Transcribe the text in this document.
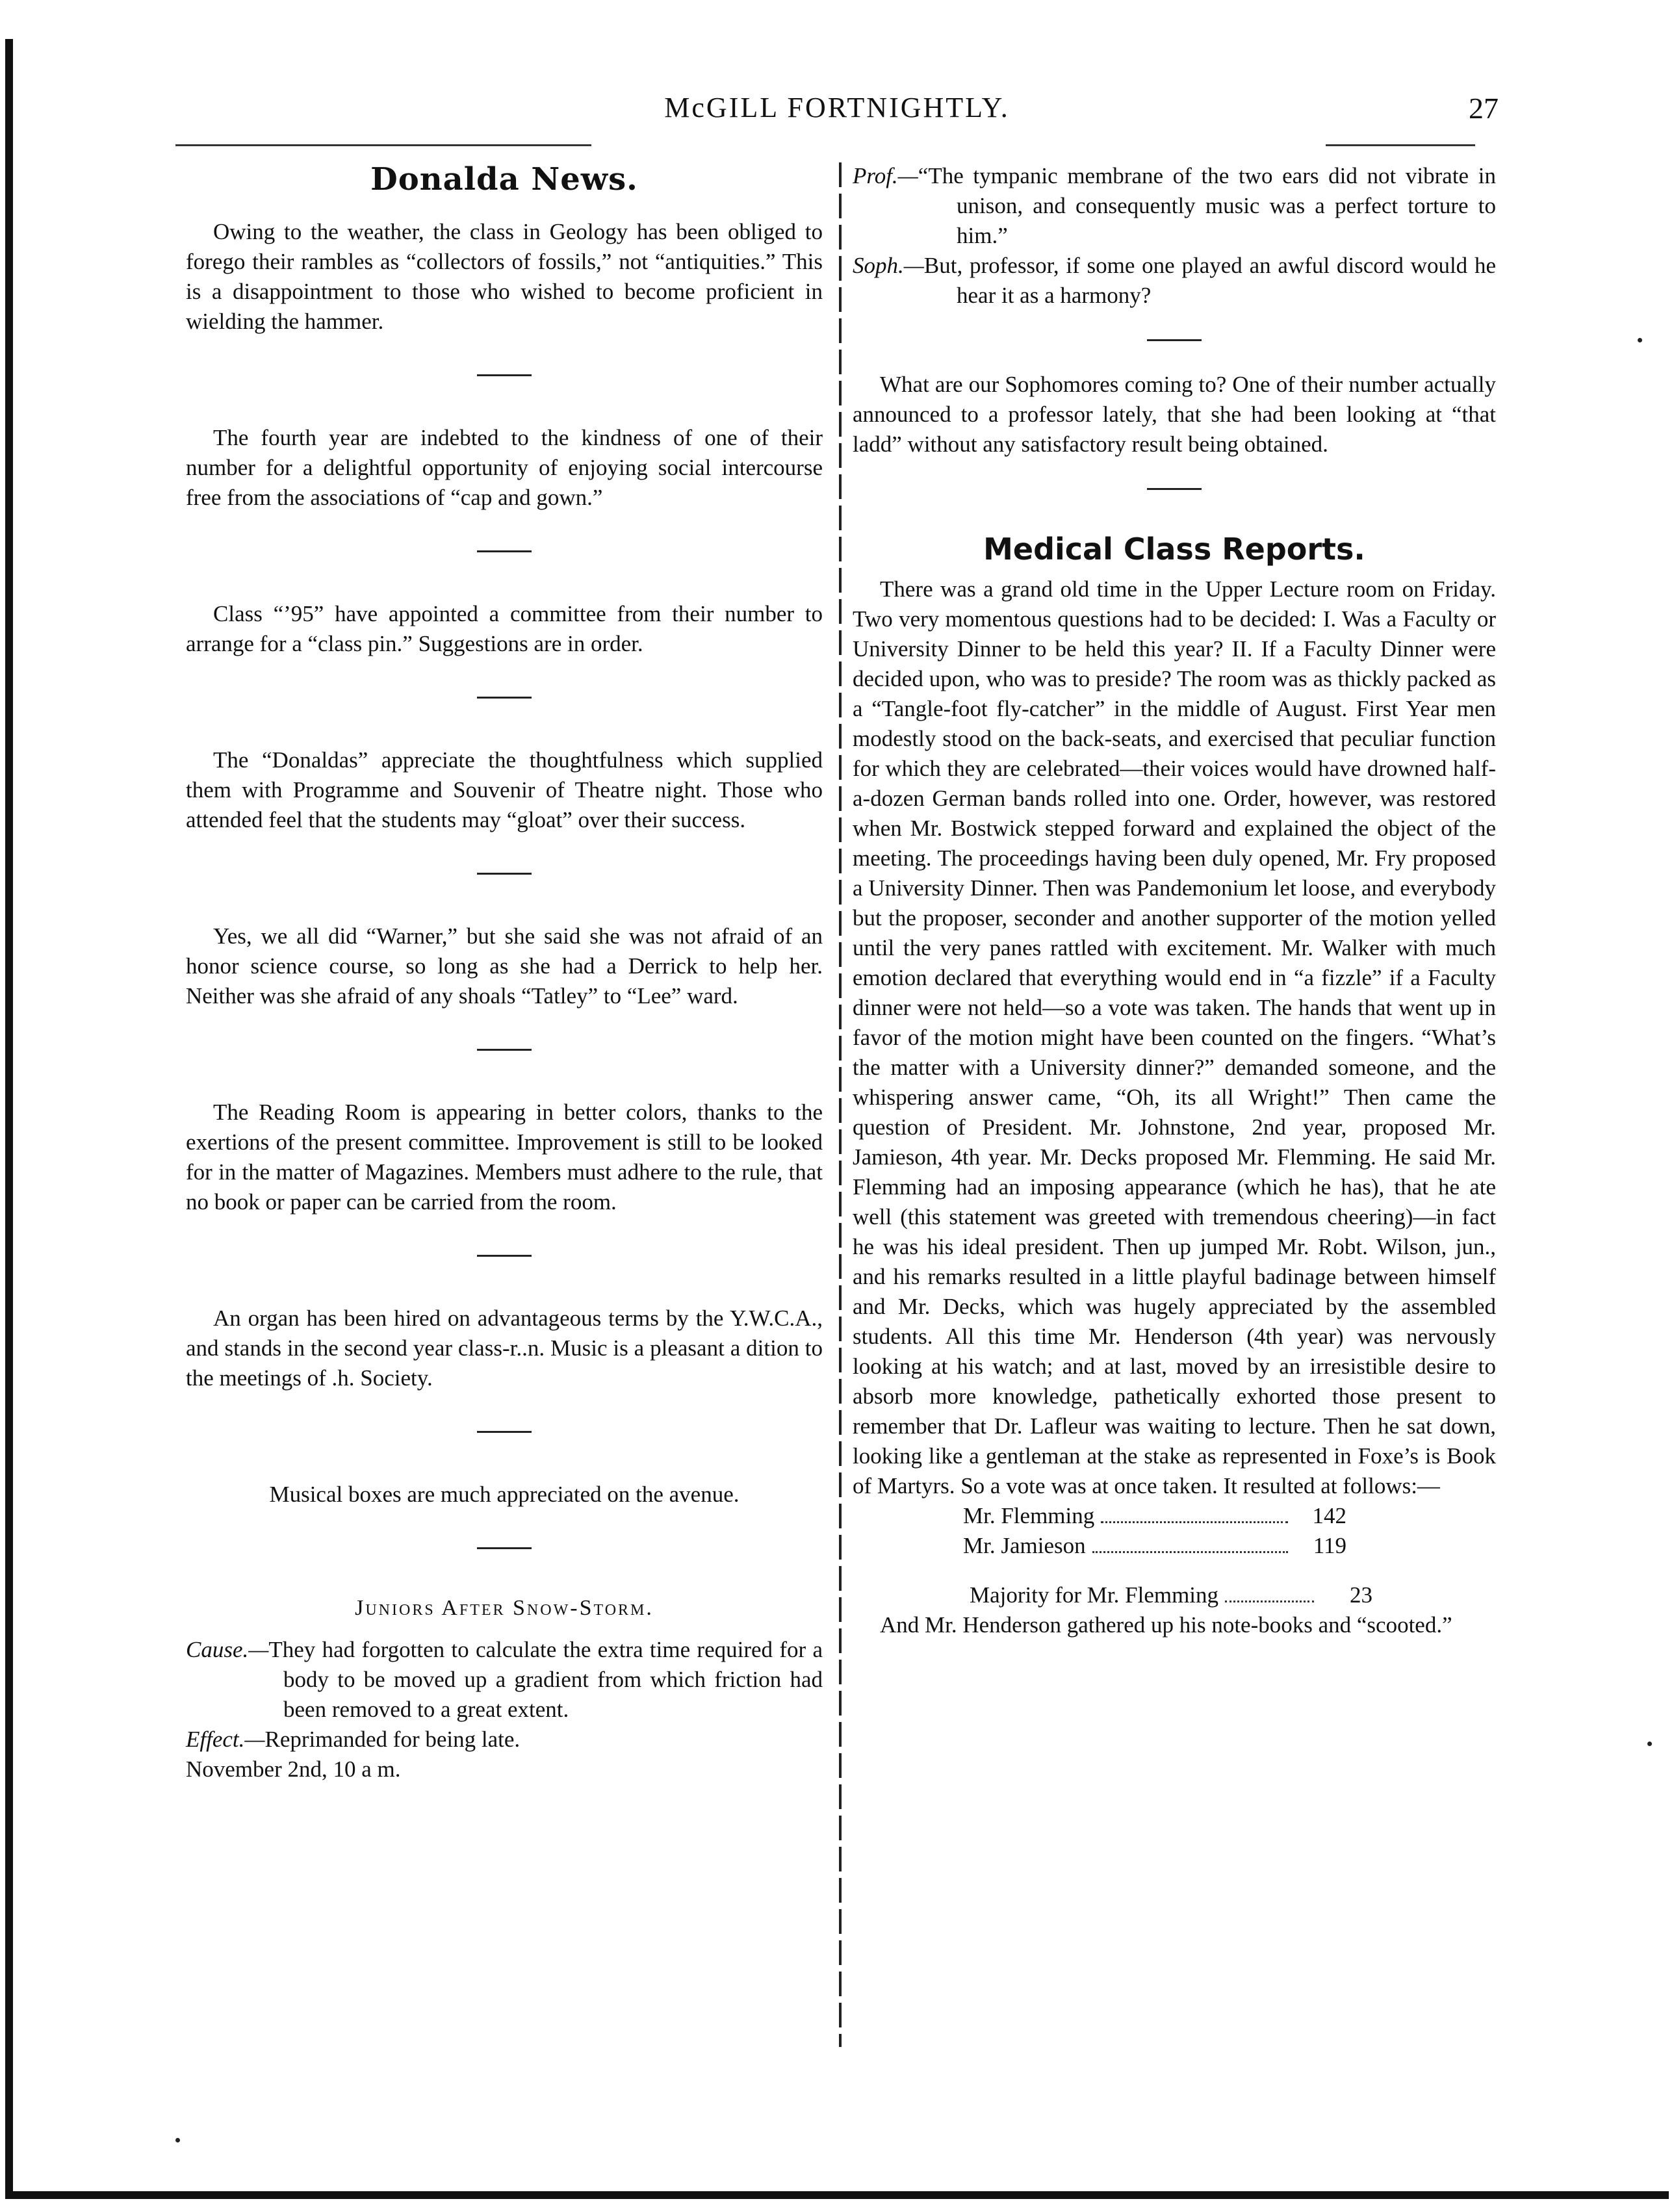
McGILL FORTNIGHTLY.	27
Donalda News.

Owing to the weather, the class in Geology has been obliged to forego their rambles as “collectors of fossils,” not “antiquities.” This is a disappointment to those who wished to become proficient in wielding the hammer.

The fourth year are indebted to the kindness of one of their number for a delightful opportunity of enjoying social intercourse free from the associations of “cap and gown.”

Class “’95” have appointed a committee from their number to arrange for a “class pin.” Suggestions are in order.

The “Donaldas” appreciate the thoughtfulness which supplied them with Programme and Souvenir of Theatre night. Those who attended feel that the students may “gloat” over their success.

Yes, we all did “Warner,” but she said she was not afraid of an honor science course, so long as she had a Derrick to help her. Neither was she afraid of any shoals “Tatley” to “Lee” ward.

The Reading Room is appearing in better colors, thanks to the exertions of the present committee. Improvement is still to be looked for in the matter of Magazines. Members must adhere to the rule, that no book or paper can be carried from the room.

An organ has been hired on advantageous terms by the Y.W.C.A., and stands in the second year class-r..n. Music is a pleasant a dition to the meetings of .h. Society.

Musical boxes are much appreciated on the avenue.

Juniors After Snow-Storm.

Cause.—They had forgotten to calculate the extra time required for a body to be moved up a gradient from which friction had been removed to a great extent.

Effect.—Reprimanded for being late.

November 2nd, 10 a m.

Prof.—“The tympanic membrane of the two ears did not vibrate in unison, and consequently music was a perfect torture to him.”

Soph.—But, professor, if some one played an awful discord would he hear it as a harmony?

What are our Sophomores coming to? One of their number actually announced to a professor lately, that she had been looking at “that ladd” without any satisfactory result being obtained.

Medical Class Reports.

There was a grand old time in the Upper Lecture room on Friday. Two very momentous questions had to be decided: I. Was a Faculty or University Dinner to be held this year? II. If a Faculty Dinner were decided upon, who was to preside? The room was as thickly packed as a “Tangle-foot fly-catcher” in the middle of August. First Year men modestly stood on the back-seats, and exercised that peculiar function for which they are celebrated—their voices would have drowned half-a-dozen German bands rolled into one. Order, however, was restored when Mr. Bostwick stepped forward and explained the object of the meeting. The proceedings having been duly opened, Mr. Fry proposed a University Dinner. Then was Pandemonium let loose, and everybody but the proposer, seconder and another supporter of the motion yelled until the very panes rattled with excitement. Mr. Walker with much emotion declared that everything would end in “a fizzle” if a Faculty dinner were not held—so a vote was taken. The hands that went up in favor of the motion might have been counted on the fingers. “What’s the matter with a University dinner?” demanded someone, and the whispering answer came, “Oh, its all Wright!” Then came the question of President. Mr. Johnstone, 2nd year, proposed Mr. Jamieson, 4th year. Mr. Decks proposed Mr. Flemming. He said Mr. Flemming had an imposing appearance (which he has), that he ate well (this statement was greeted with tremendous cheering)—in fact he was his ideal president. Then up jumped Mr. Robt. Wilson, jun., and his remarks resulted in a little playful badinage between himself and Mr. Decks, which was hugely appreciated by the assembled students. All this time Mr. Henderson (4th year) was nervously looking at his watch; and at last, moved by an irresistible desire to absorb more knowledge, pathetically exhorted those present to remember that Dr. Lafleur was waiting to lecture. Then he sat down, looking like a gentleman at the stake as represented in Foxe’s is Book of Martyrs. So a vote was at once taken. It resulted at follows:—

Mr. Flemming	142
Mr. Jamieson	119
Majority for Mr. Flemming	23

And Mr. Henderson gathered up his note-books and “scooted.”
